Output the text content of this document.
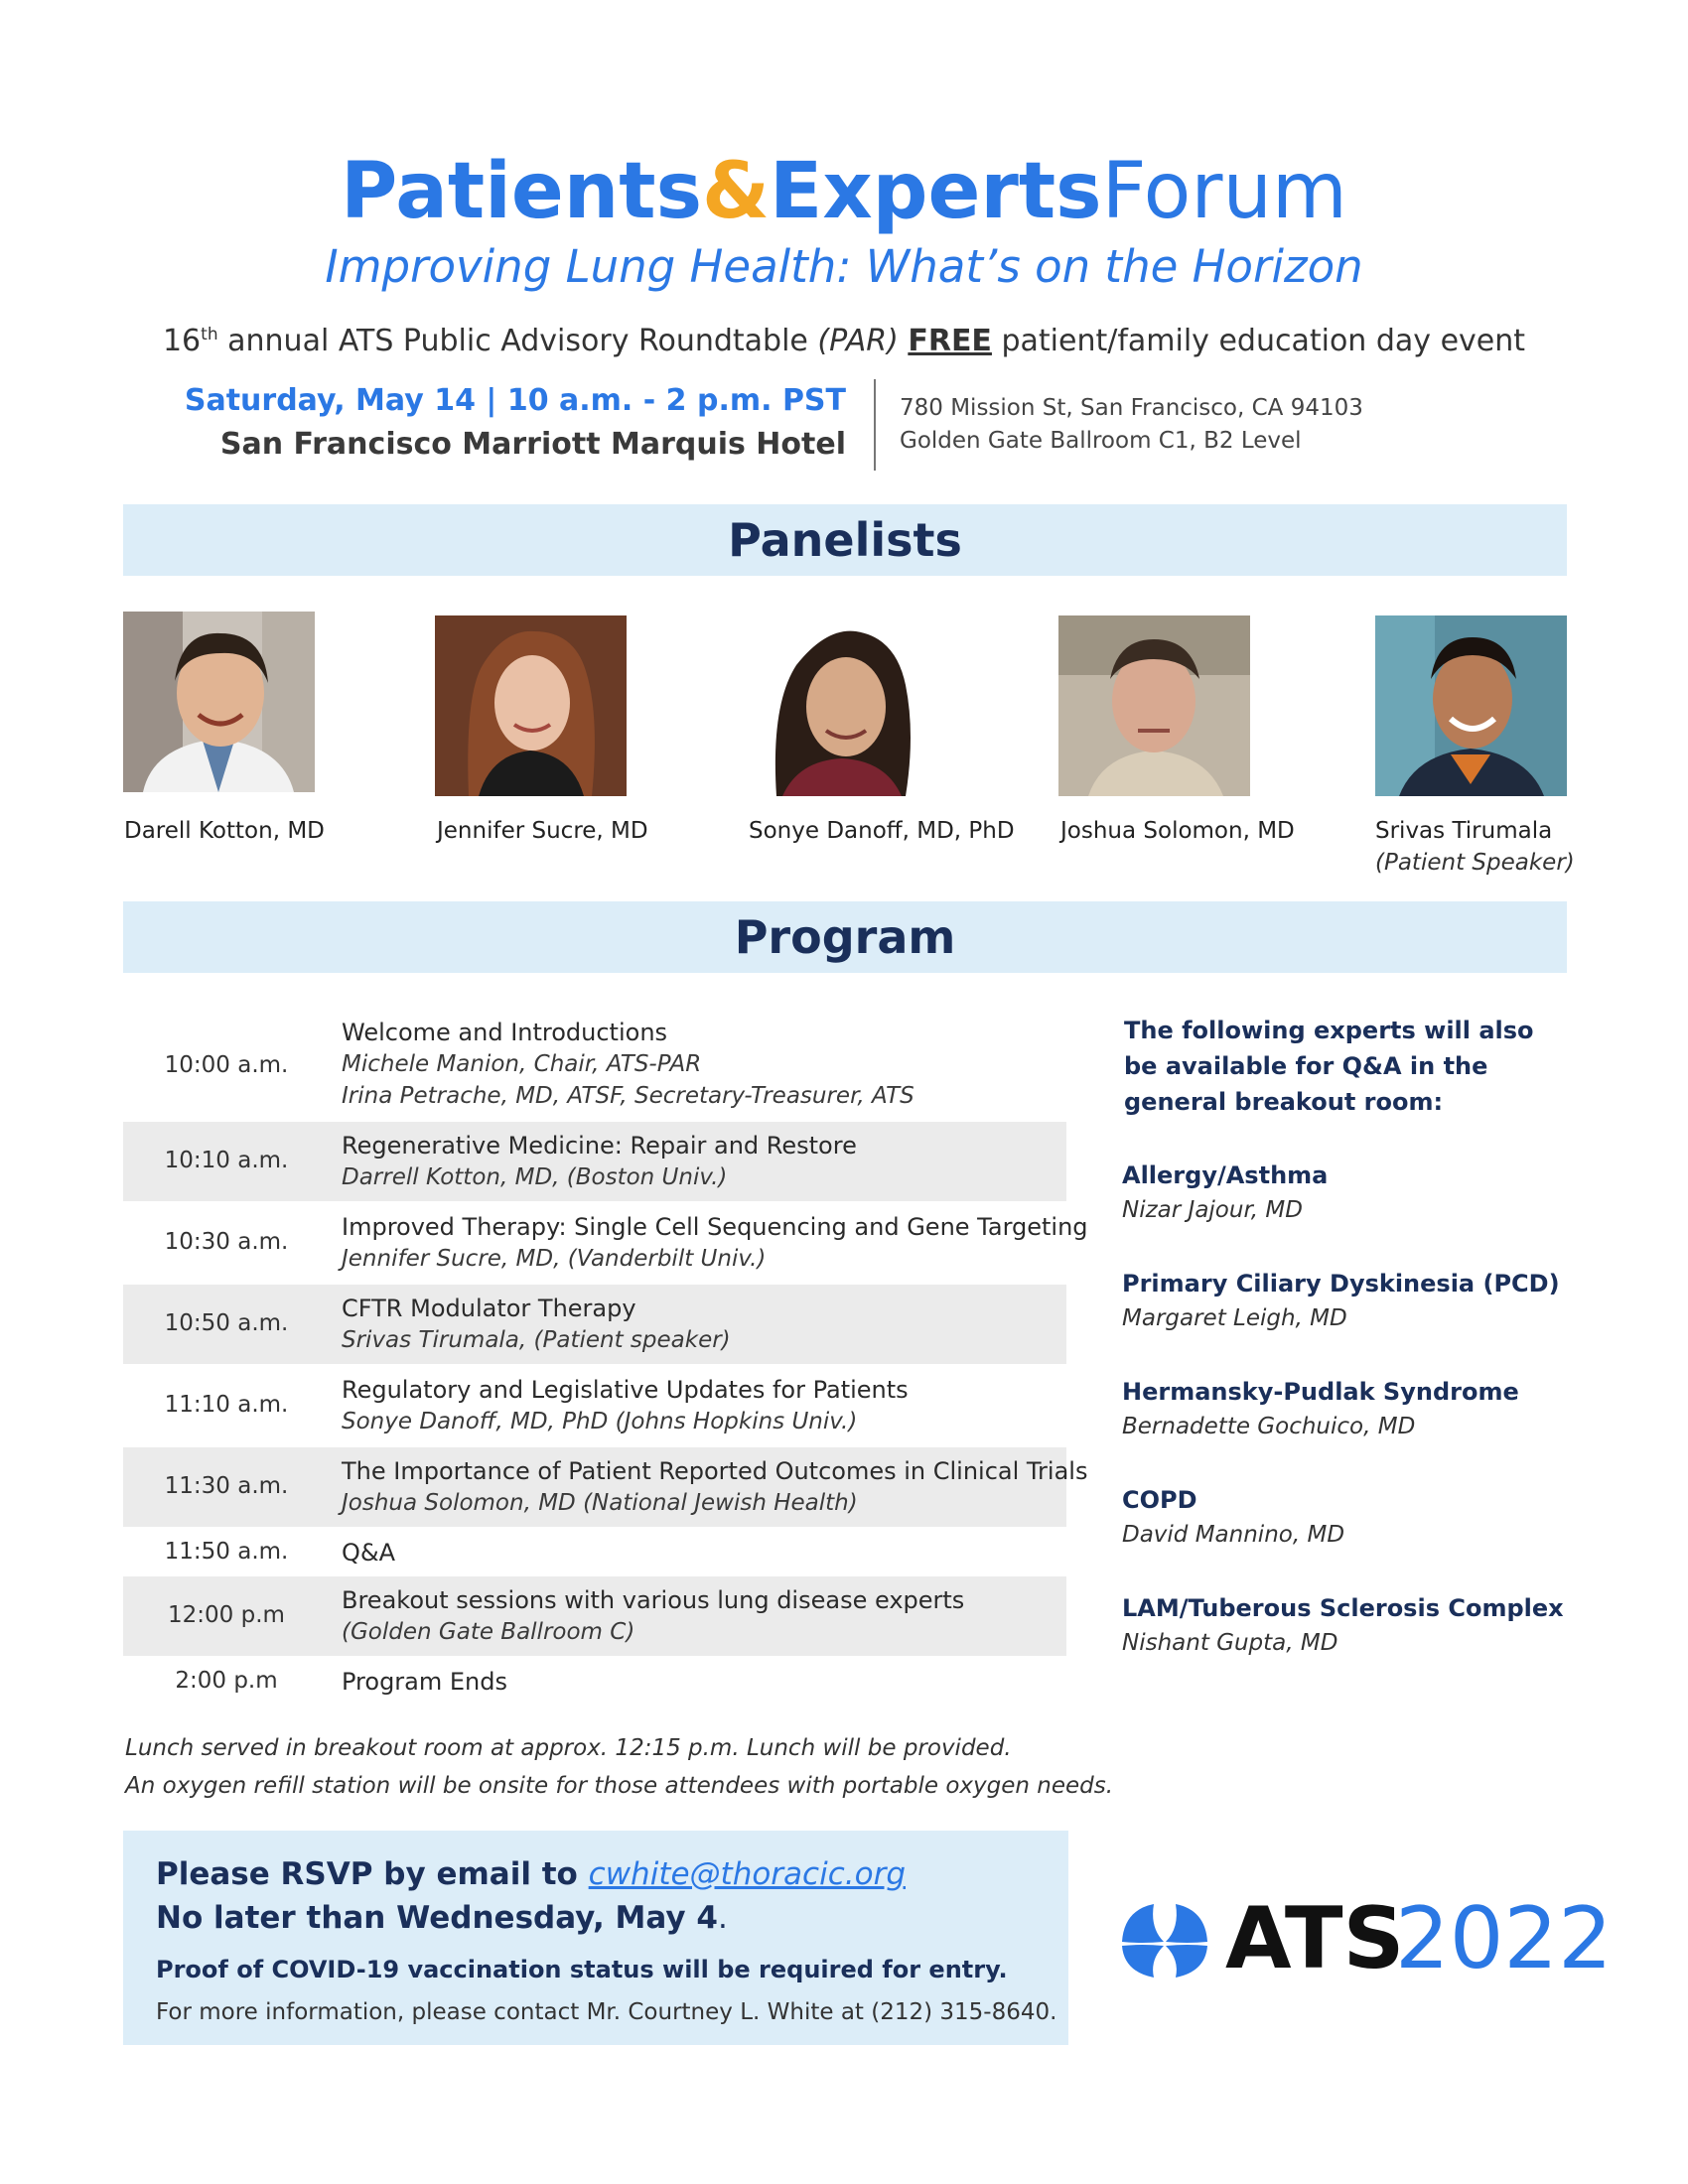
Patients&ExpertsForum
Improving Lung Health: What’s on the Horizon
16th annual ATS Public Advisory Roundtable (PAR) FREE patient/family education day event
Saturday, May 14 | 10 a.m. - 2 p.m. PST
San Francisco Marriott Marquis Hotel
780 Mission St, San Francisco, CA 94103
Golden Gate Ballroom C1, B2 Level
Panelists
Darell Kotton, MD	Jennifer Sucre, MD	Sonye Danoff, MD, PhD Joshua Solomon, MD	Srivas Tirumala
(Patient Speaker)
Program
10:00 a.m.
Welcome and Introductions
Michele Manion, Chair, ATS-PAR
Irina Petrache, MD, ATSF, Secretary-Treasurer, ATS
10:10 a.m.
Regenerative Medicine: Repair and Restore
Darrell Kotton, MD, (Boston Univ.)
10:30 a.m.
Improved Therapy: Single Cell Sequencing and Gene Targeting
Jennifer Sucre, MD, (Vanderbilt Univ.)
10:50 a.m.
CFTR Modulator Therapy
Srivas Tirumala, (Patient speaker)
11:10 a.m.
Regulatory and Legislative Updates for Patients
Sonye Danoff, MD, PhD (Johns Hopkins Univ.)
11:30 a.m.
The Importance of Patient Reported Outcomes in Clinical Trials
Joshua Solomon, MD (National Jewish Health)
11:50 a.m.	Q&A
12:00 p.m
Breakout sessions with various lung disease experts
(Golden Gate Ballroom C)
2:00 p.m	Program Ends
Lunch served in breakout room at approx. 12:15 p.m. Lunch will be provided.
An oxygen refill station will be onsite for those attendees with portable oxygen needs.
The following experts will also be available for Q&A in the general breakout room:
Allergy/Asthma
Nizar Jajour, MD
Primary Ciliary Dyskinesia (PCD)
Margaret Leigh, MD
Hermansky-Pudlak Syndrome
Bernadette Gochuico, MD
COPD
David Mannino, MD
LAM/Tuberous Sclerosis Complex
Nishant Gupta, MD
Please RSVP by email to cwhite@thoracic.org
No later than Wednesday, May 4.
Proof of COVID-19 vaccination status will be required for entry.
For more information, please contact Mr. Courtney L. White at (212) 315-8640.
ATS
2022
